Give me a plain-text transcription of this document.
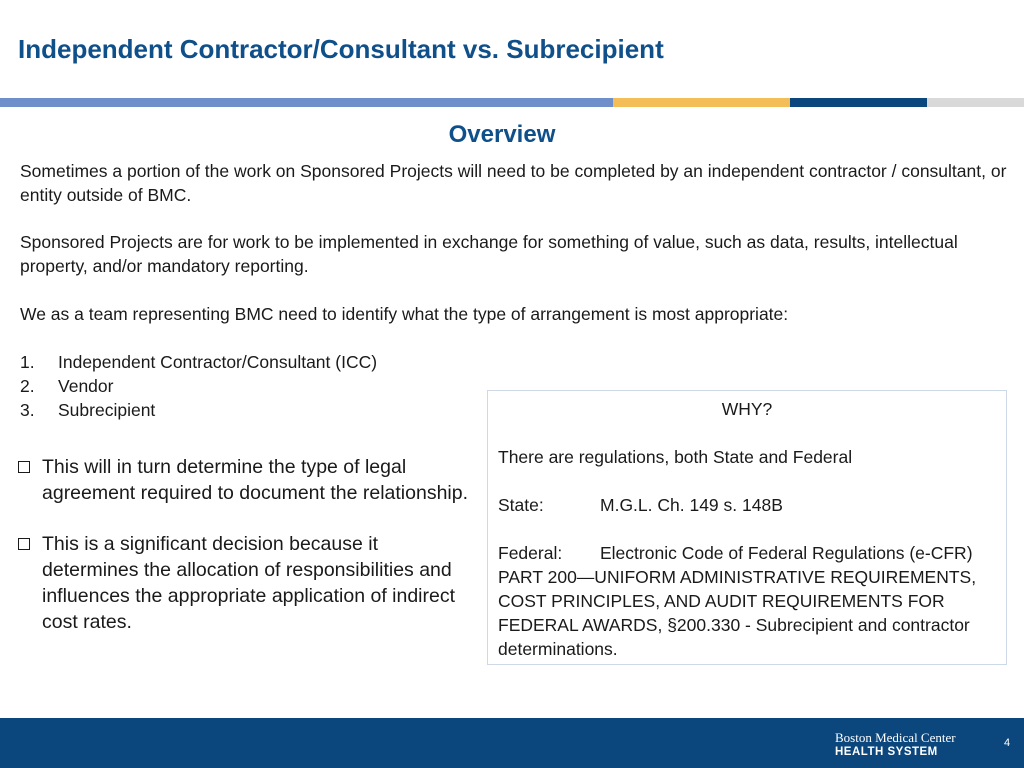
Independent Contractor/Consultant vs. Subrecipient
Overview

Sometimes a portion of the work on Sponsored Projects will need to be completed by an independent contractor / consultant, or entity outside of BMC.

Sponsored Projects are for work to be implemented in exchange for something of value, such as data, results, intellectual property, and/or mandatory reporting.

We as a team representing BMC need to identify what the type of arrangement is most appropriate:

1.	Independent Contractor/Consultant (ICC)
2.	Vendor
3.	Subrecipient
This will in turn determine the type of legal agreement required to document the relationship.
This is a significant decision because it determines the allocation of responsibilities and influences the appropriate application of indirect cost rates.

WHY?

There are regulations, both State and Federal

State:	M.G.L. Ch. 149 s. 148B

Federal: Electronic Code of Federal Regulations (e-CFR) PART 200—UNIFORM ADMINISTRATIVE REQUIREMENTS, COST PRINCIPLES, AND AUDIT REQUIREMENTS FOR FEDERAL AWARDS, §200.330 - Subrecipient and contractor determinations.

Boston Medical Center
HEALTH SYSTEM
4
